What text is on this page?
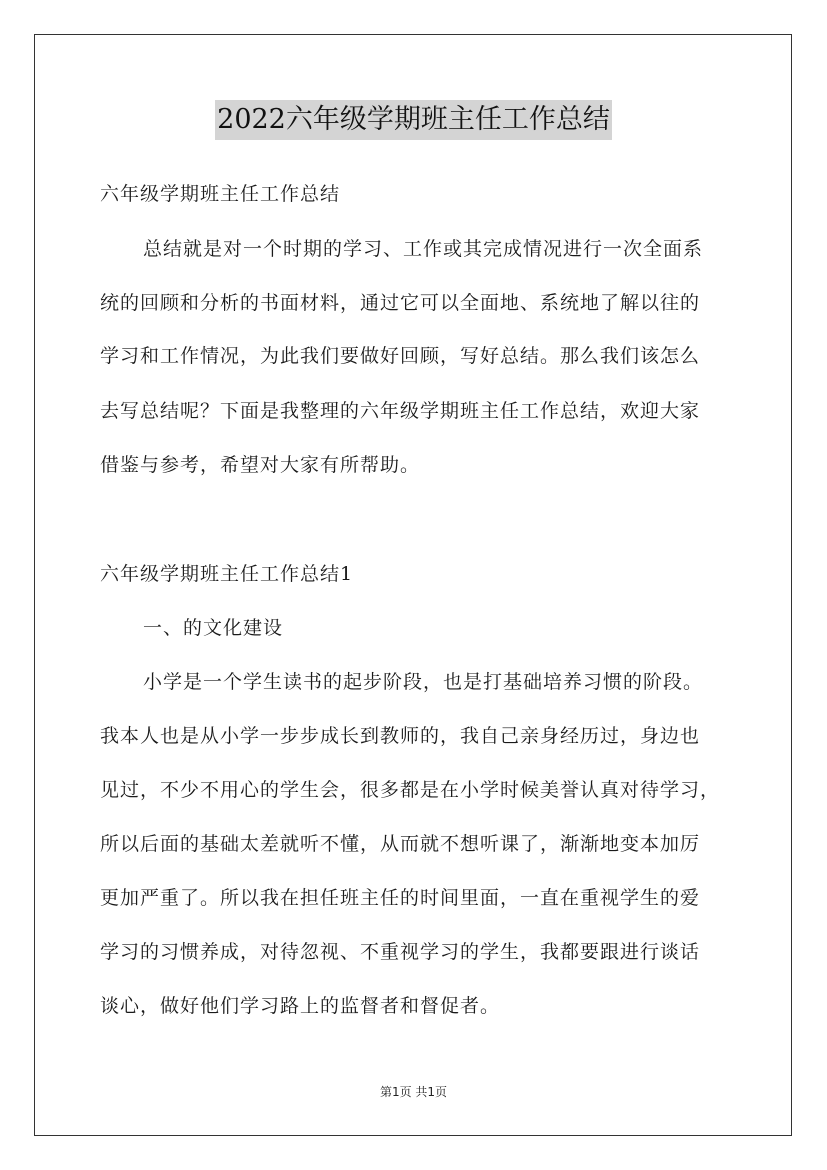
2022六年级学期班主任工作总结
六年级学期班主任工作总结
总结就是对一个时期的学习、工作或其完成情况进行一次全面系
统的回顾和分析的书面材料，通过它可以全面地、系统地了解以往的
学习和工作情况，为此我们要做好回顾，写好总结。那么我们该怎么
去写总结呢？下面是我整理的六年级学期班主任工作总结，欢迎大家
借鉴与参考，希望对大家有所帮助。
六年级学期班主任工作总结1
一、的文化建设
小学是一个学生读书的起步阶段，也是打基础培养习惯的阶段。
我本人也是从小学一步步成长到教师的，我自己亲身经历过，身边也
见过，不少不用心的学生会，很多都是在小学时候美誉认真对待学习，
所以后面的基础太差就听不懂，从而就不想听课了，渐渐地变本加厉
更加严重了。所以我在担任班主任的时间里面，一直在重视学生的爱
学习的习惯养成，对待忽视、不重视学习的学生，我都要跟进行谈话
谈心，做好他们学习路上的监督者和督促者。
第1页 共1页
